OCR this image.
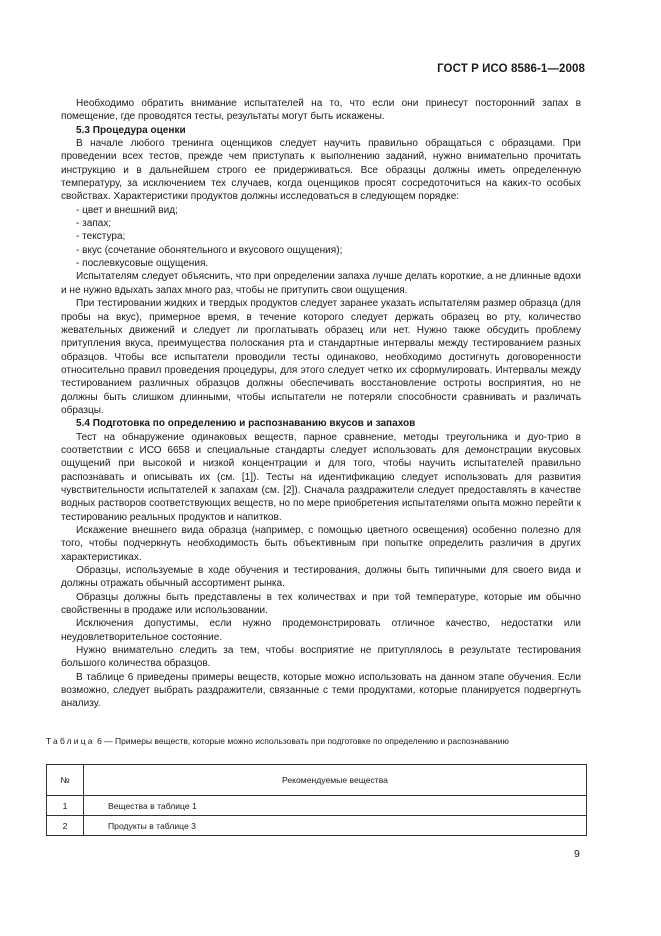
ГОСТ Р ИСО 8586-1—2008

Необходимо обратить внимание испытателей на то, что если они принесут посторонний запах в помещение, где проводятся тесты, результаты могут быть искажены.

5.3 Процедура оценки

В начале любого тренинга оценщиков следует научить правильно обращаться с образцами. При проведении всех тестов, прежде чем приступать к выполнению заданий, нужно внимательно прочитать инструкцию и в дальнейшем строго ее придерживаться. Все образцы должны иметь определенную температуру, за исключением тех случаев, когда оценщиков просят сосредоточиться на каких-то особых свойствах. Характеристики продуктов должны исследоваться в следующем порядке:

- цвет и внешний вид;
- запах;
- текстура;
- вкус (сочетание обонятельного и вкусового ощущения);
- послевкусовые ощущения.

Испытателям следует объяснить, что при определении запаха лучше делать короткие, а не длинные вдохи и не нужно вдыхать запах много раз, чтобы не притупить свои ощущения.

При тестировании жидких и твердых продуктов следует заранее указать испытателям размер образца (для пробы на вкус), примерное время, в течение которого следует держать образец во рту, количество жевательных движений и следует ли проглатывать образец или нет. Нужно также обсудить проблему притупления вкуса, преимущества полоскания рта и стандартные интервалы между тестированием разных образцов. Чтобы все испытатели проводили тесты одинаково, необходимо достигнуть договоренности относительно правил проведения процедуры, для этого следует четко их сформулировать. Интервалы между тестированием различных образцов должны обеспечивать восстановление остроты восприятия, но не должны быть слишком длинными, чтобы испытатели не потеряли способности сравнивать и различать образцы.

5.4 Подготовка по определению и распознаванию вкусов и запахов

Тест на обнаружение одинаковых веществ, парное сравнение, методы треугольника и дуо-трио в соответствии с ИСО 6658 и специальные стандарты следует использовать для демонстрации вкусовых ощущений при высокой и низкой концентрации и для того, чтобы научить испытателей правильно распознавать и описывать их (см. [1]). Тесты на идентификацию следует использовать для развития чувствительности испытателей к запахам (см. [2]). Сначала раздражители следует предоставлять в качестве водных растворов соответствующих веществ, но по мере приобретения испытателями опыта можно перейти к тестированию реальных продуктов и напитков.

Искажение внешнего вида образца (например, с помощью цветного освещения) особенно полезно для того, чтобы подчеркнуть необходимость быть объективным при попытке определить различия в других характеристиках.

Образцы, используемые в ходе обучения и тестирования, должны быть типичными для своего вида и должны отражать обычный ассортимент рынка.

Образцы должны быть представлены в тех количествах и при той температуре, которые им обычно свойственны в продаже или использовании.

Исключения допустимы, если нужно продемонстрировать отличное качество, недостатки или неудовлетворительное состояние.

Нужно внимательно следить за тем, чтобы восприятие не притуплялось в результате тестирования большого количества образцов.

В таблице 6 приведены примеры веществ, которые можно использовать на данном этапе обучения. Если возможно, следует выбрать раздражители, связанные с теми продуктами, которые планируется подвергнуть анализу.

Таблица 6 — Примеры веществ, которые можно использовать при подготовке по определению и распознаванию
№	Рекомендуемые вещества
1	Вещества в таблице 1
2	Продукты в таблице 3
9
